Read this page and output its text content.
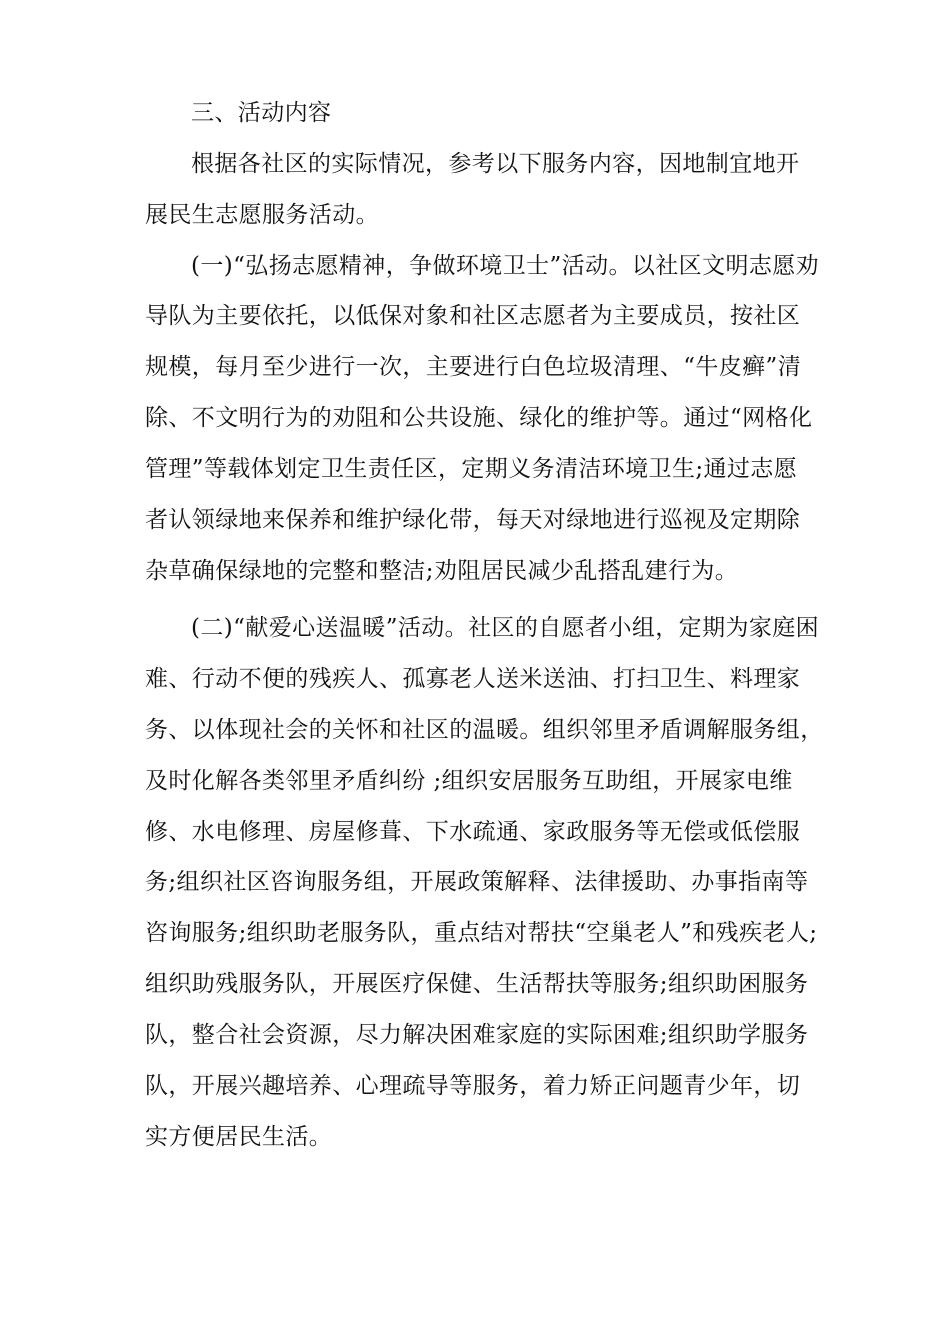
三、活动内容
根据各社区的实际情况，参考以下服务内容，因地制宜地开
展民生志愿服务活动。
(一)“弘扬志愿精神，争做环境卫士”活动。以社区文明志愿劝
导队为主要依托，以低保对象和社区志愿者为主要成员，按社区
规模，每月至少进行一次，主要进行白色垃圾清理、“牛皮癣”清
除、不文明行为的劝阻和公共设施、绿化的维护等。通过“网格化
管理”等载体划定卫生责任区，定期义务清洁环境卫生;通过志愿
者认领绿地来保养和维护绿化带，每天对绿地进行巡视及定期除
杂草确保绿地的完整和整洁;劝阻居民减少乱搭乱建行为。
(二)“献爱心送温暖”活动。社区的自愿者小组，定期为家庭困
难、行动不便的残疾人、孤寡老人送米送油、打扫卫生、料理家
务、以体现社会的关怀和社区的温暖。组织邻里矛盾调解服务组，
及时化解各类邻里矛盾纠纷 ;组织安居服务互助组，开展家电维
修、水电修理、房屋修葺、下水疏通、家政服务等无偿或低偿服
务;组织社区咨询服务组，开展政策解释、法律援助、办事指南等
咨询服务;组织助老服务队，重点结对帮扶“空巢老人”和残疾老人;
组织助残服务队，开展医疗保健、生活帮扶等服务;组织助困服务
队，整合社会资源，尽力解决困难家庭的实际困难;组织助学服务
队，开展兴趣培养、心理疏导等服务，着力矫正问题青少年，切
实方便居民生活。
